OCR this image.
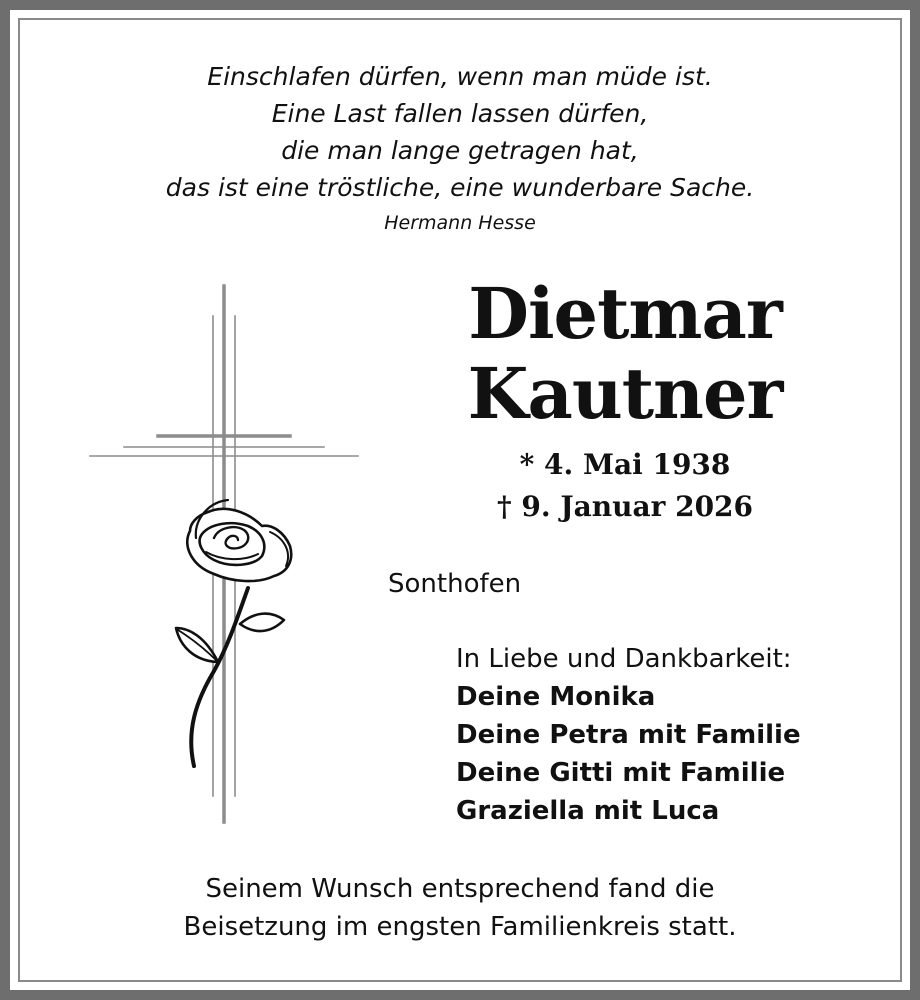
Einschlafen dürfen, wenn man müde ist.
Eine Last fallen lassen dürfen,
die man lange getragen hat,
das ist eine tröstliche, eine wunderbare Sache.
Hermann Hesse
Dietmar
Kautner
* 4. Mai 1938
† 9. Januar 2026
Sonthofen
In Liebe und Dankbarkeit:
Deine Monika
Deine Petra mit Familie
Deine Gitti mit Familie
Graziella mit Luca
Seinem Wunsch entsprechend fand die
Beisetzung im engsten Familienkreis statt.
